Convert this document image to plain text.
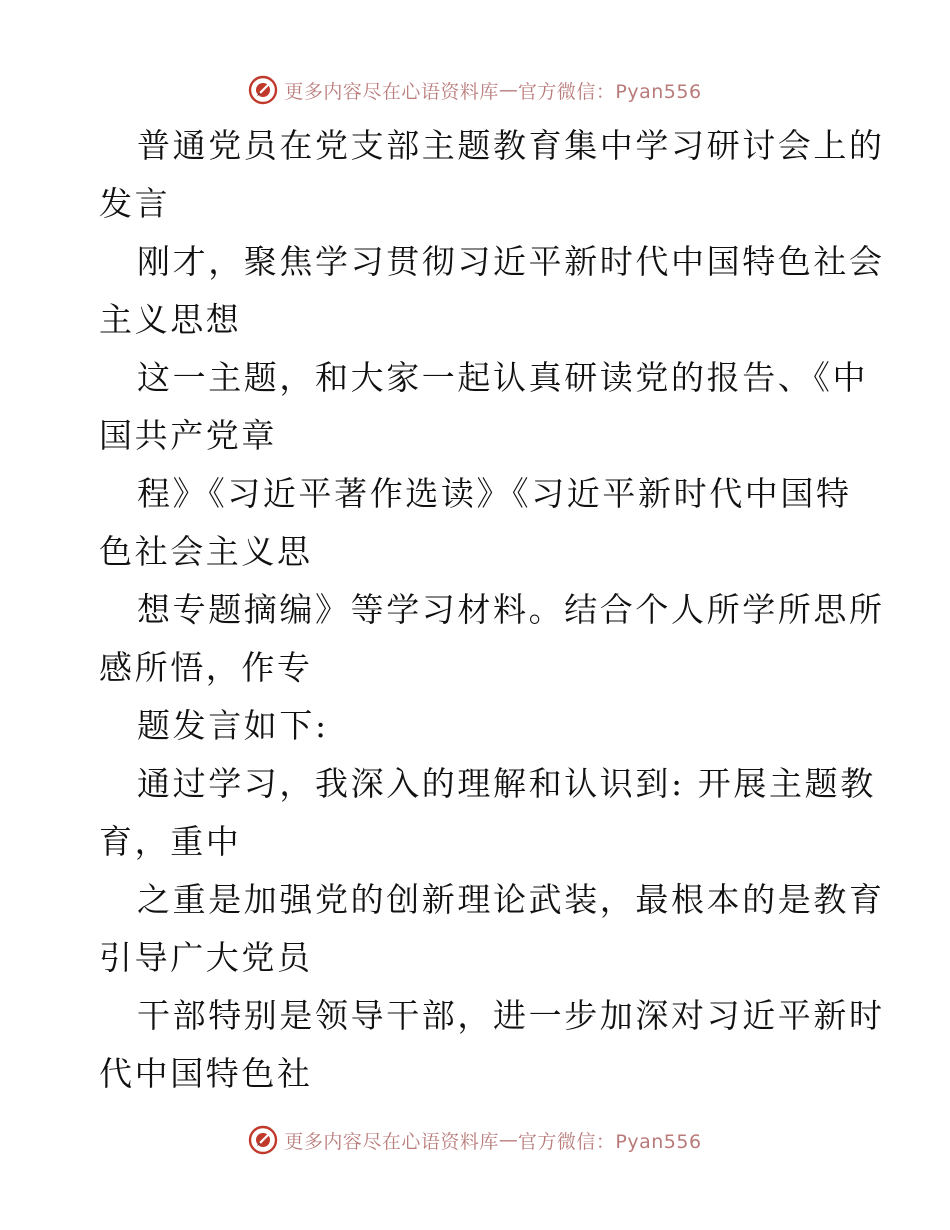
更多内容尽在心语资料库 — 官方微信：Pyan556
普通党员在党支部主题教育集中学习研讨会上的
发言
刚才，聚焦学习贯彻习近平新时代中国特色社会
主义思想
这一主题，和大家一起认真研读党的报告、《中
国共产党章
程》《习近平著作选读》《习近平新时代中国特
色社会主义思
想专题摘编》等学习材料。结合个人所学所思所
感所悟，作专
题发言如下:
通过学习，我深入的理解和认识到: 开展主题教
育，重中
之重是加强党的创新理论武装，最根本的是教育
引导广大党员
干部特别是领导干部，进一步加深对习近平新时
代中国特色社
更多内容尽在心语资料库 — 官方微信：Pyan556
